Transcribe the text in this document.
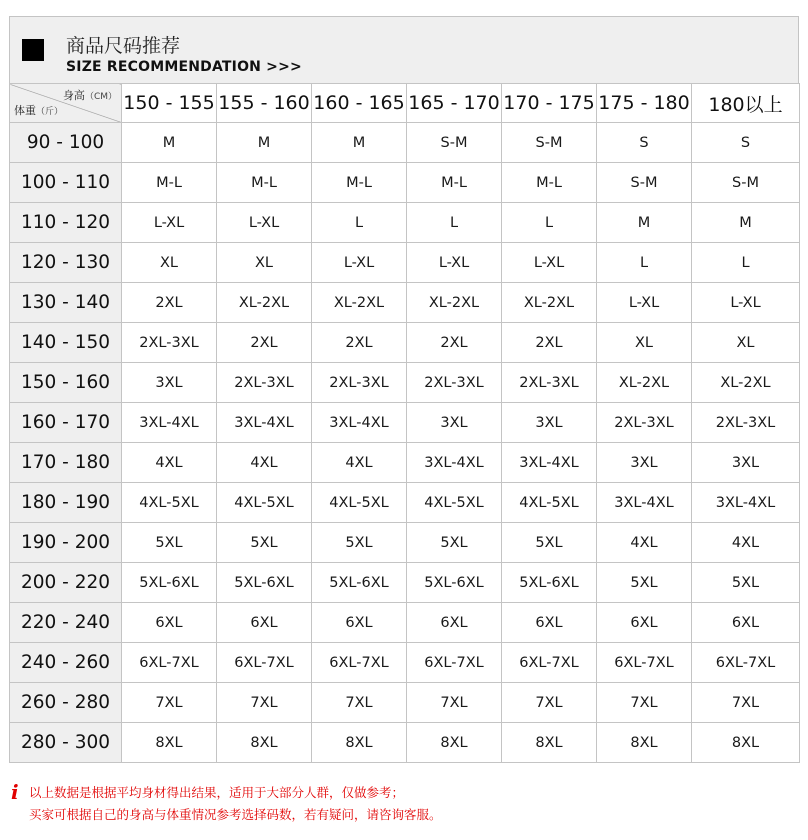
商品尺码推荐
SIZE RECOMMENDATION >>>
身高（CM）
体重（斤）	150 - 155	155 - 160	160 - 165	165 - 170	170 - 175	175 - 180	180以上
90 - 100	M	M	M	S-M	S-M	S	S
100 - 110	M-L	M-L	M-L	M-L	M-L	S-M	S-M
110 - 120	L-XL	L-XL	L	L	L	M	M
120 - 130	XL	XL	L-XL	L-XL	L-XL	L	L
130 - 140	2XL	XL-2XL	XL-2XL	XL-2XL	XL-2XL	L-XL	L-XL
140 - 150	2XL-3XL	2XL	2XL	2XL	2XL	XL	XL
150 - 160	3XL	2XL-3XL	2XL-3XL	2XL-3XL	2XL-3XL	XL-2XL	XL-2XL
160 - 170	3XL-4XL	3XL-4XL	3XL-4XL	3XL	3XL	2XL-3XL	2XL-3XL
170 - 180	4XL	4XL	4XL	3XL-4XL	3XL-4XL	3XL	3XL
180 - 190	4XL-5XL	4XL-5XL	4XL-5XL	4XL-5XL	4XL-5XL	3XL-4XL	3XL-4XL
190 - 200	5XL	5XL	5XL	5XL	5XL	4XL	4XL
200 - 220	5XL-6XL	5XL-6XL	5XL-6XL	5XL-6XL	5XL-6XL	5XL	5XL
220 - 240	6XL	6XL	6XL	6XL	6XL	6XL	6XL
240 - 260	6XL-7XL	6XL-7XL	6XL-7XL	6XL-7XL	6XL-7XL	6XL-7XL	6XL-7XL
260 - 280	7XL	7XL	7XL	7XL	7XL	7XL	7XL
280 - 300	8XL	8XL	8XL	8XL	8XL	8XL	8XL
i 以上数据是根据平均身材得出结果，适用于大部分人群，仅做参考；
买家可根据自己的身高与体重情况参考选择码数，若有疑问，请咨询客服。
